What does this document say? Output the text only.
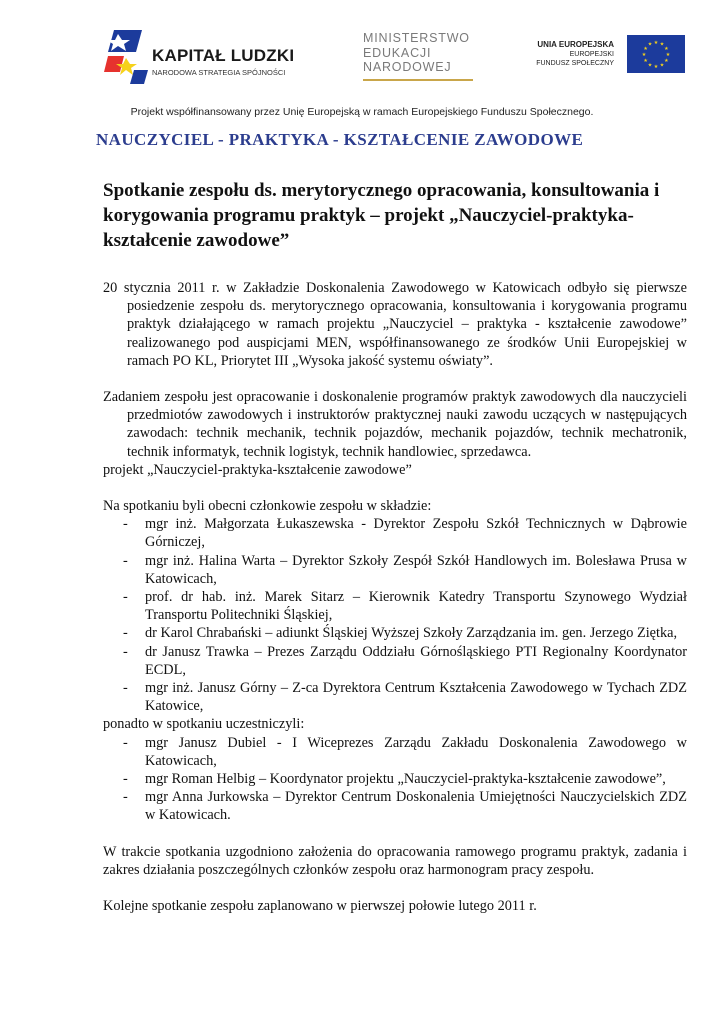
KAPITAŁ LUDZKI
NARODOWA STRATEGIA SPÓJNOŚCI
MINISTERSTWO
EDUKACJI
NARODOWEJ
UNIA EUROPEJSKA
EUROPEJSKI
FUNDUSZ SPOŁECZNY
★ ★
★
★
★
★
★
★
★
★
★
★
Projekt współfinansowany przez Unię Europejską w ramach Europejskiego Funduszu Społecznego.
NAUCZYCIEL - PRAKTYKA - KSZTAŁCENIE ZAWODOWE
Spotkanie zespołu ds. merytorycznego opracowania, konsultowania i korygowania programu praktyk – projekt „Nauczyciel-praktyka-kształcenie zawodowe”

20 stycznia 2011 r. w Zakładzie Doskonalenia Zawodowego w Katowicach odbyło się pierwsze posiedzenie zespołu ds. merytorycznego opracowania, konsultowania i korygowania programu praktyk działającego w ramach projektu „Nauczyciel – praktyka - kształcenie zawodowe” realizowanego pod auspicjami MEN, współfinansowanego ze środków Unii Europejskiej w ramach PO KL, Priorytet III „Wysoka jakość systemu oświaty”.

Zadaniem zespołu jest opracowanie i doskonalenie programów praktyk zawodowych dla nauczycieli przedmiotów zawodowych i instruktorów praktycznej nauki zawodu uczących w następujących zawodach: technik mechanik, technik pojazdów, mechanik pojazdów, technik mechatronik, technik informatyk, technik logistyk, technik handlowiec, sprzedawca.

projekt „Nauczyciel-praktyka-kształcenie zawodowe”

Na spotkaniu byli obecni członkowie zespołu w składzie:

- mgr inż. Małgorzata Łukaszewska - Dyrektor Zespołu Szkół Technicznych w Dąbrowie Górniczej,
- mgr inż. Halina Warta – Dyrektor Szkoły Zespół Szkół Handlowych im. Bolesława Prusa w Katowicach,
- prof. dr hab. inż. Marek Sitarz – Kierownik Katedry Transportu Szynowego Wydział Transportu Politechniki Śląskiej,
- dr Karol Chrabański – adiunkt Śląskiej Wyższej Szkoły Zarządzania im. gen. Jerzego Ziętka,
- dr Janusz Trawka – Prezes Zarządu Oddziału Górnośląskiego PTI Regionalny Koordynator ECDL,
- mgr inż. Janusz Górny – Z-ca Dyrektora Centrum Kształcenia Zawodowego w Tychach ZDZ Katowice,

ponadto w spotkaniu uczestniczyli:

- mgr Janusz Dubiel - I Wiceprezes Zarządu Zakładu Doskonalenia Zawodowego w Katowicach,
- mgr Roman Helbig – Koordynator projektu „Nauczyciel-praktyka-kształcenie zawodowe”,
- mgr Anna Jurkowska – Dyrektor Centrum Doskonalenia Umiejętności Nauczycielskich ZDZ w Katowicach.

W trakcie spotkania uzgodniono założenia do opracowania ramowego programu praktyk, zadania i zakres działania poszczególnych członków zespołu oraz harmonogram pracy zespołu.

Kolejne spotkanie zespołu zaplanowano w pierwszej połowie lutego 2011 r.
